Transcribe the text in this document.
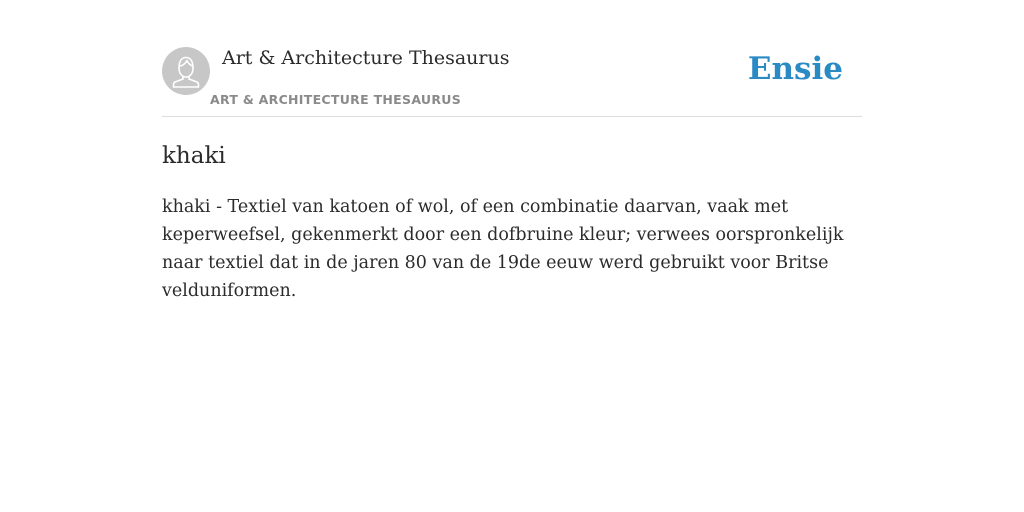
Art & Architecture Thesaurus
ART & ARCHITECTURE THESAURUS
Ensie
khaki

khaki - Textiel van katoen of wol, of een combinatie daarvan, vaak met keperweefsel, gekenmerkt door een dofbruine kleur; verwees oorspronkelijk naar textiel dat in de jaren 80 van de 19de eeuw werd gebruikt voor Britse velduniformen.
